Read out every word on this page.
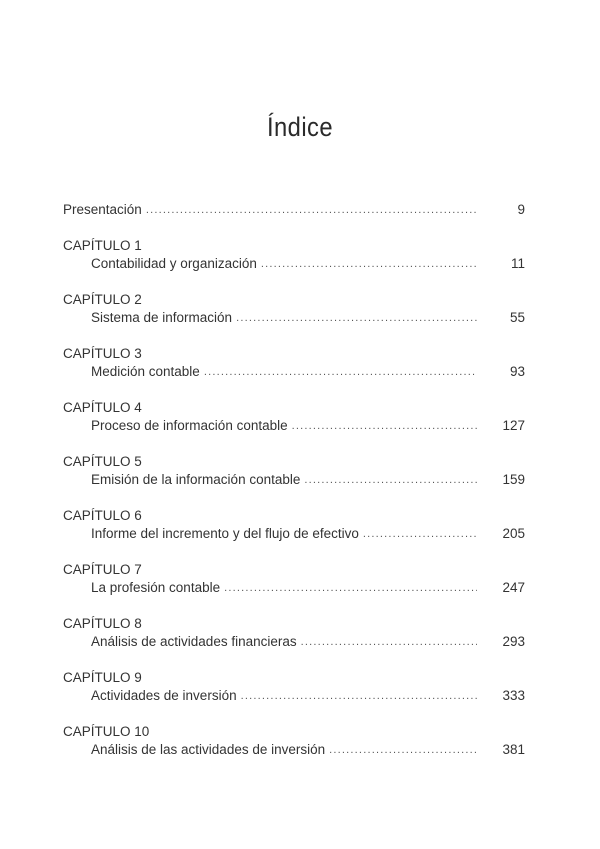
Índice
Presentación .....	9
CAPÍTULO 1
Contabilidad y organización .....	11
CAPÍTULO 2
Sistema de información .....	55
CAPÍTULO 3
Medición contable .....	93
CAPÍTULO 4
Proceso de información contable .....	127
CAPÍTULO 5
Emisión de la información contable .....	159
CAPÍTULO 6
Informe del incremento y del flujo de efectivo .....	205
CAPÍTULO 7
La profesión contable .....	247
CAPÍTULO 8
Análisis de actividades financieras .....	293
CAPÍTULO 9
Actividades de inversión .....	333
CAPÍTULO 10
Análisis de las actividades de inversión .....	381
